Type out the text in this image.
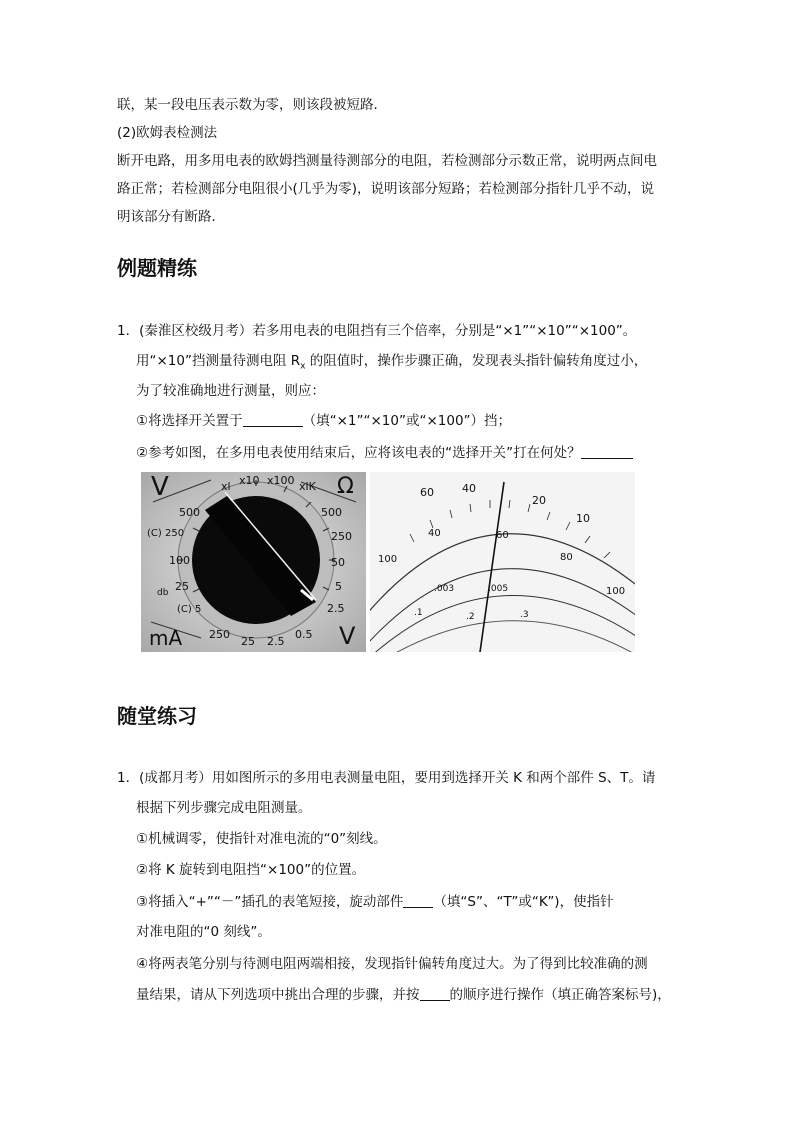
联，某一段电压表示数为零，则该段被短路．
(2)欧姆表检测法
断开电路，用多用电表的欧姆挡测量待测部分的电阻，若检测部分示数正常，说明两点间电
路正常；若检测部分电阻很小(几乎为零)，说明该部分短路；若检测部分指针几乎不动，说
明该部分有断路．
例题精练
1．(秦淮区校级月考）若多用电表的电阻挡有三个倍率，分别是“×1”“×10”“×100”。
用“×10”挡测量待测电阻 $R_x$ 的阻值时，操作步骤正确，发现表头指针偏转角度过小，
为了较准确地进行测量，则应：
①将选择开关置于	（填“×1”“×10”或“×100”）挡；
②参考如图，在多用电表使用结束后，应将该电表的“选择开关”打在何处？
V	Ω
mA	V
xl x10 x100 xlK
500
(C) 250
100
25
db
(C) 5
500
250
50
5
2.5
250
25 2.5
0.5
60	40
20
10
100
40	60
80
100
.003	.005
.1	.2	.3
随堂练习
1．(成都月考）用如图所示的多用电表测量电阻，要用到选择开关 K 和两个部件 S、T。请
根据下列步骤完成电阻测量。
①机械调零，使指针对准电流的“0”刻线。
②将 K 旋转到电阻挡“×100”的位置。
③将插入“+”“－”插孔的表笔短接，旋动部件 （填“S”、“T”或“K”)，使指针
对准电阻的“0 刻线”。
④将两表笔分别与待测电阻两端相接，发现指针偏转角度过大。为了得到比较准确的测
量结果，请从下列选项中挑出合理的步骤，并按 的顺序进行操作（填正确答案标号)，
